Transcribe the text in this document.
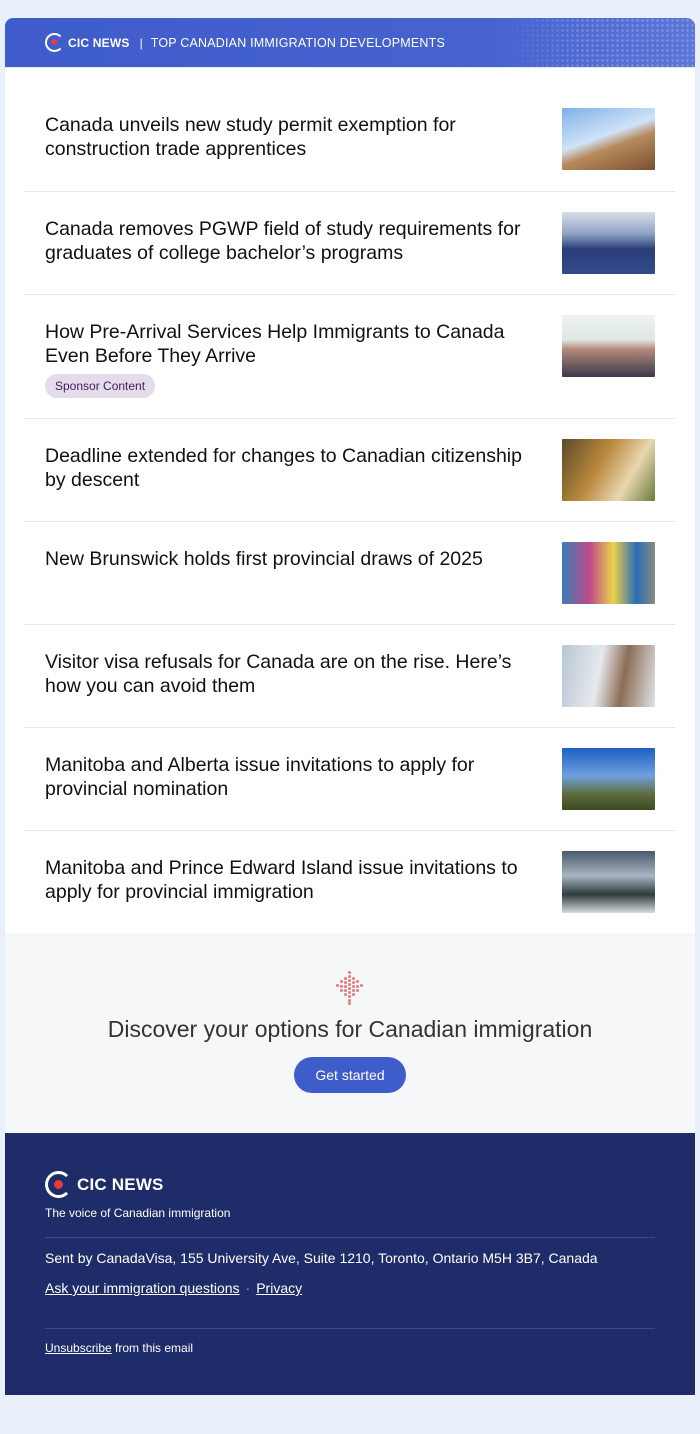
CIC NEWS | TOP CANADIAN IMMIGRATION DEVELOPMENTS
Canada unveils new study permit exemption for construction trade apprentices
Canada removes PGWP field of study requirements for graduates of college bachelor’s programs
How Pre-Arrival Services Help Immigrants to Canada Even Before They Arrive
Sponsor Content
Deadline extended for changes to Canadian citizenship by descent
New Brunswick holds first provincial draws of 2025
Visitor visa refusals for Canada are on the rise. Here’s how you can avoid them
Manitoba and Alberta issue invitations to apply for provincial nomination
Manitoba and Prince Edward Island issue invitations to apply for provincial immigration
Discover your options for Canadian immigration
Get started
CIC NEWS
The voice of Canadian immigration
Sent by CanadaVisa, 155 University Ave, Suite 1210, Toronto, Ontario M5H 3B7, Canada
Ask your immigration questions · Privacy
Unsubscribe from this email
